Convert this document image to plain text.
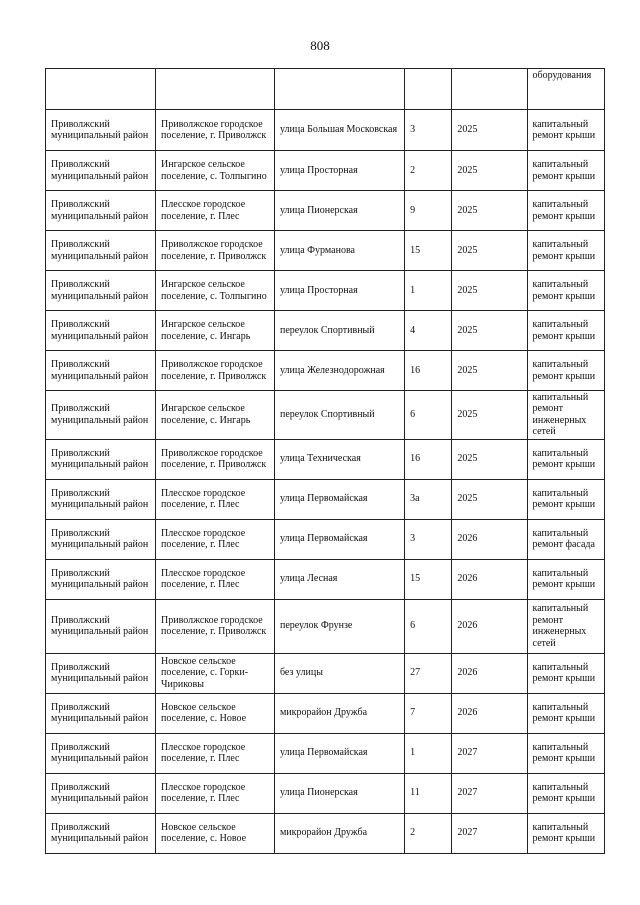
808
					оборудования
Приволжский муниципальный район	Приволжское городское поселение, г. Приволжск	улица Большая Московская	3	2025	капитальный ремонт крыши
Приволжский муниципальный район	Ингарское сельское поселение, с. Толпыгино	улица Просторная	2	2025	капитальный ремонт крыши
Приволжский муниципальный район	Плесское городское поселение, г. Плес	улица Пионерская	9	2025	капитальный ремонт крыши
Приволжский муниципальный район	Приволжское городское поселение, г. Приволжск	улица Фурманова	15	2025	капитальный ремонт крыши
Приволжский муниципальный район	Ингарское сельское поселение, с. Толпыгино	улица Просторная	1	2025	капитальный ремонт крыши
Приволжский муниципальный район	Ингарское сельское поселение, с. Ингарь	переулок Спортивный	4	2025	капитальный ремонт крыши
Приволжский муниципальный район	Приволжское городское поселение, г. Приволжск	улица Железнодорожная	16	2025	капитальный ремонт крыши
Приволжский муниципальный район	Ингарское сельское поселение, с. Ингарь	переулок Спортивный	6	2025	капитальный ремонт инженерных сетей
Приволжский муниципальный район	Приволжское городское поселение, г. Приволжск	улица Техническая	16	2025	капитальный ремонт крыши
Приволжский муниципальный район	Плесское городское поселение, г. Плес	улица Первомайская	3а	2025	капитальный ремонт крыши
Приволжский муниципальный район	Плесское городское поселение, г. Плес	улица Первомайская	3	2026	капитальный ремонт фасада
Приволжский муниципальный район	Плесское городское поселение, г. Плес	улица Лесная	15	2026	капитальный ремонт крыши
Приволжский муниципальный район	Приволжское городское поселение, г. Приволжск	переулок Фрунзе	6	2026	капитальный ремонт инженерных сетей
Приволжский муниципальный район	Новское сельское поселение, с. Горки-Чириковы	без улицы	27	2026	капитальный ремонт крыши
Приволжский муниципальный район	Новское сельское поселение, с. Новое	микрорайон Дружба	7	2026	капитальный ремонт крыши
Приволжский муниципальный район	Плесское городское поселение, г. Плес	улица Первомайская	1	2027	капитальный ремонт крыши
Приволжский муниципальный район	Плесское городское поселение, г. Плес	улица Пионерская	11	2027	капитальный ремонт крыши
Приволжский муниципальный район	Новское сельское поселение, с. Новое	микрорайон Дружба	2	2027	капитальный ремонт крыши
